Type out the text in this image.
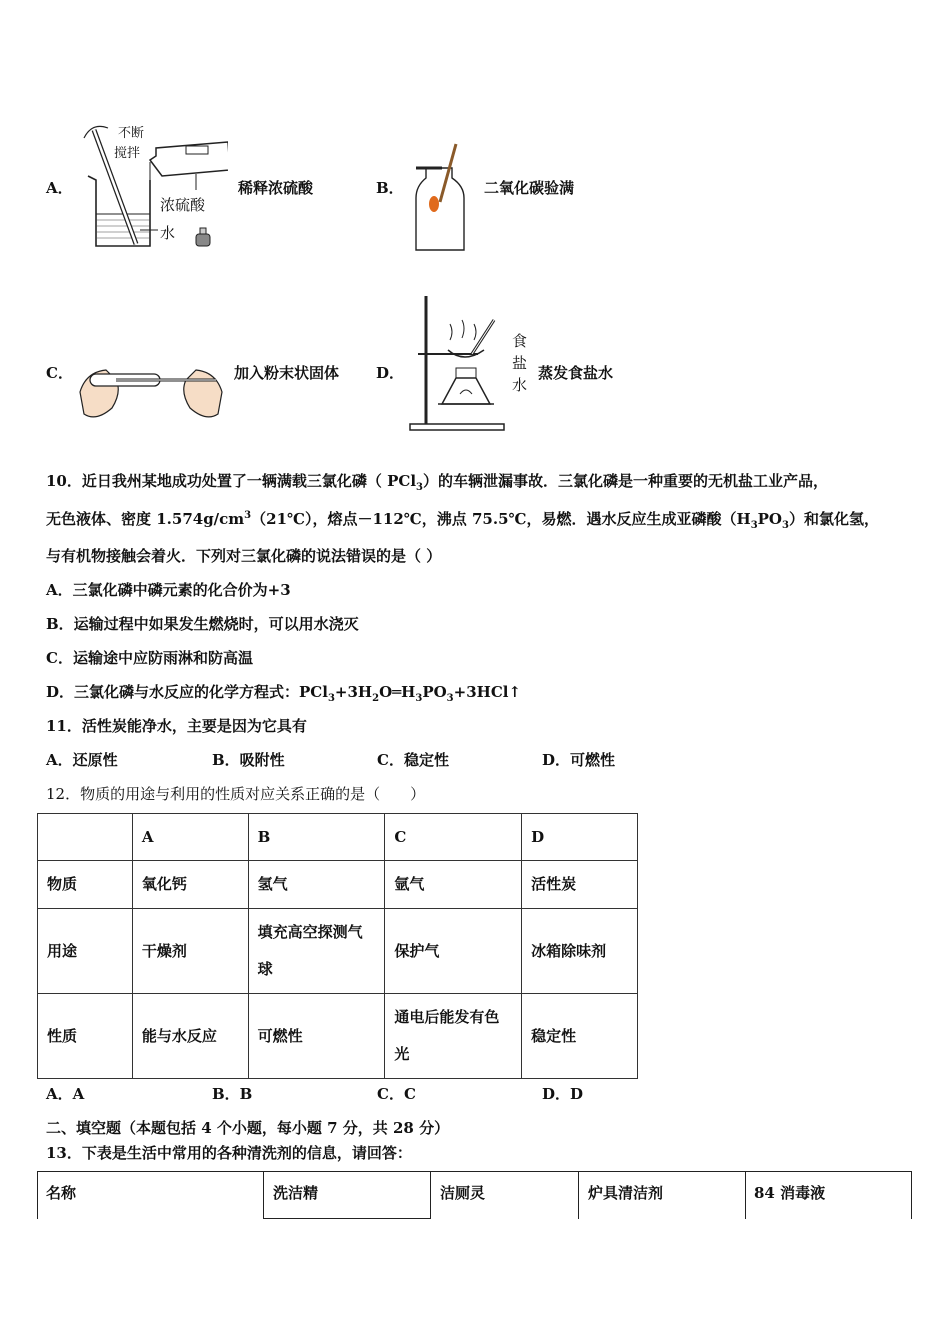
不断
搅拌
浓硫酸
水
A．	稀释浓硫酸	B．	二氧化碳验满
C．	加入粉末状固体
食
盐
水
D．	蒸发食盐水
10．近日我州某地成功处置了一辆满载三氯化磷（ PCl$_3$）的车辆泄漏事故．三氯化磷是一种重要的无机盐工业产品，
无色液体、密度 $1.574g/cm^3(21℃)$，熔点－112℃，沸点 75.5℃，易燃．遇水反应生成亚磷酸$(H_3PO_3)$和氯化氢，
与有机物接触会着火．下列对三氯化磷的说法错误的是（ ）
A．三氯化磷中磷元素的化合价为+3
B．运输过程中如果发生燃烧时，可以用水浇灭
C．运输途中应防雨淋和防高温
D．三氯化磷与水反应的化学方程式：$PCl_3+3H_2O═H_3PO_3+3HCl↑$
11．活性炭能净水，主要是因为它具有
A．还原性	B．吸附性	C．稳定性	D．可燃性
12．物质的用途与利用的性质对应关系正确的是（　　）
	A	B	C	D
物质	氧化钙	氢气	氩气	活性炭
用途	干燥剂	填充高空探测气球	保护气	冰箱除味剂
性质	能与水反应	可燃性	通电后能发有色光	稳定性
A．A	B．B	C．C	D．D
二、填空题（本题包括 4 个小题，每小题 7 分，共 28 分）
13．下表是生活中常用的各种清洗剂的信息，请回答：
名称	洗洁精	洁厕灵	炉具清洁剂	84 消毒液
